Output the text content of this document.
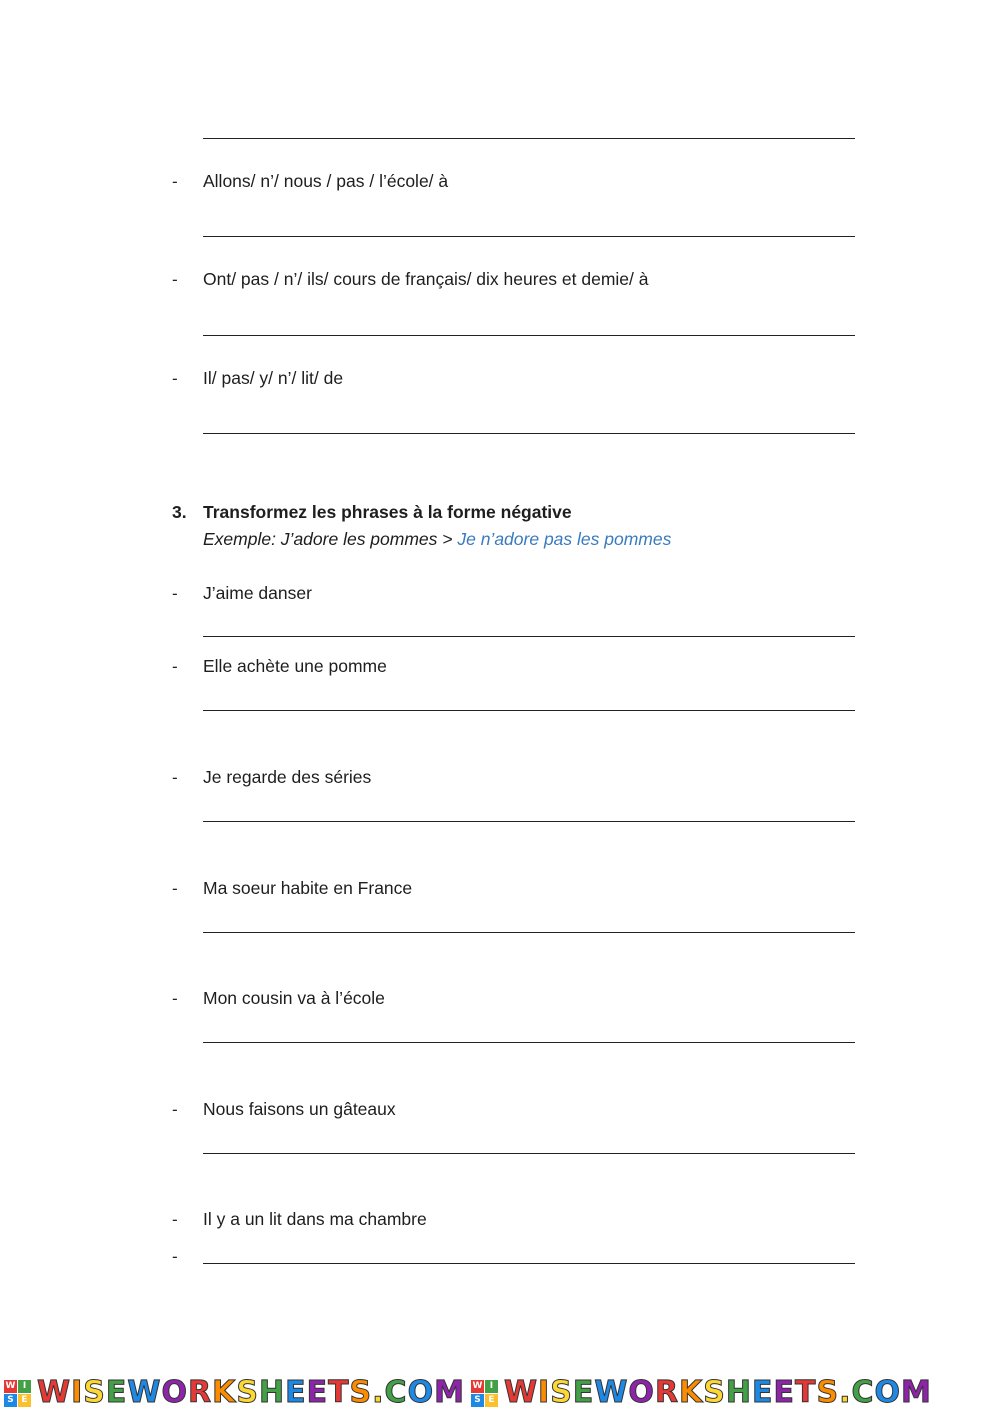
- Allons/ n’/ nous / pas / l’école/ à
- Ont/ pas / n’/ ils/ cours de français/ dix heures et demie/ à
- Il/ pas/ y/ n’/ lit/ de
3. Transformez les phrases à la forme négative
Exemple: J’adore les pommes > Je n’adore pas les pommes
- J’aime danser
- Elle achète une pomme
- Je regarde des séries
- Ma soeur habite en France
- Mon cousin va à l’école
- Nous faisons un gâteaux
- Il y a un lit dans ma chambre
-
W I
S E WISEWORKSHEETS.COM W I
S E WISEWORKSHEETS.COM
